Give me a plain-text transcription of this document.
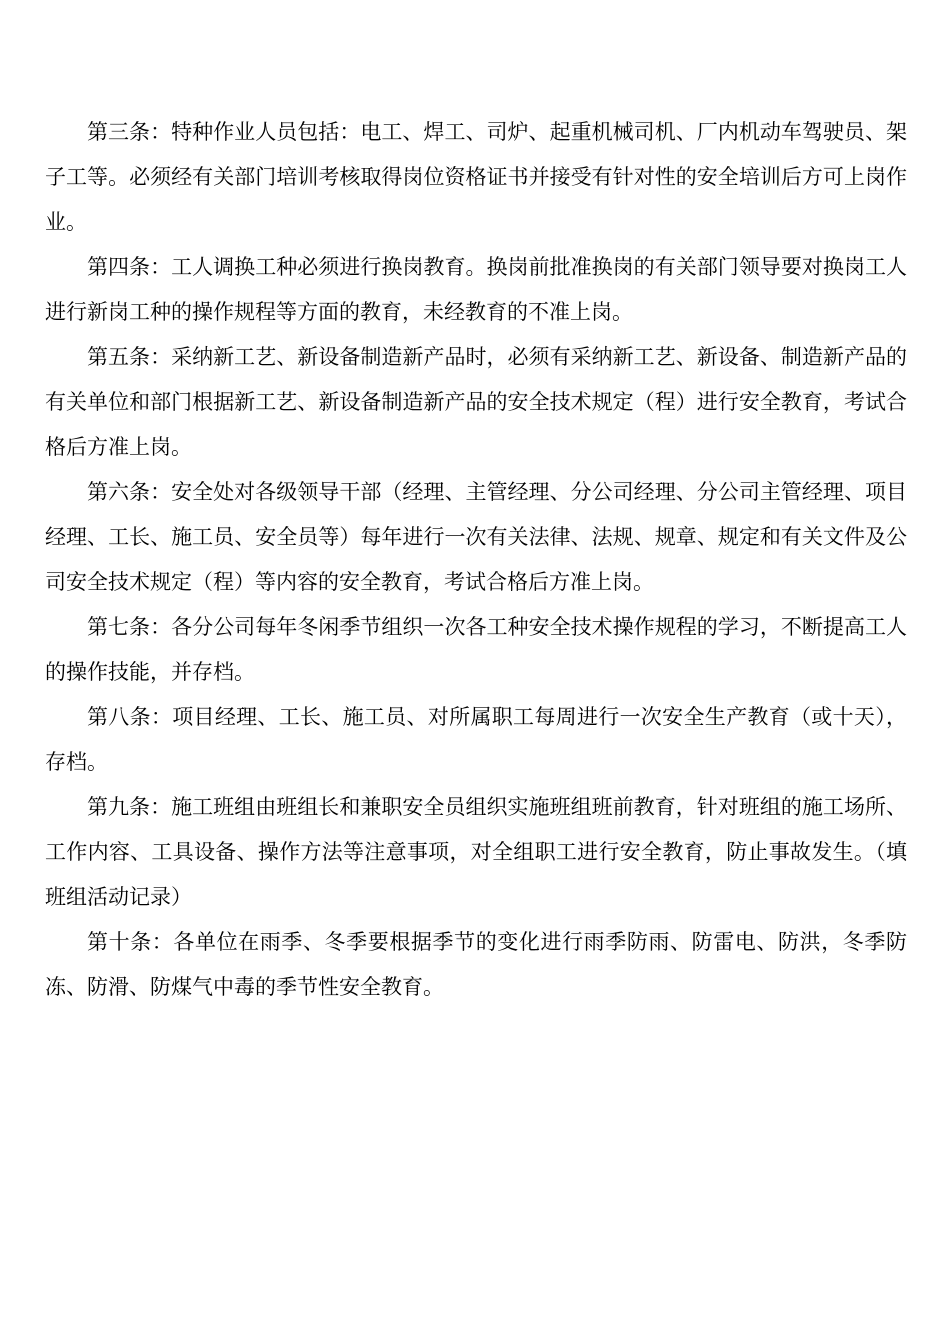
第三条：特种作业人员包括：电工、焊工、司炉、起重机械司机、厂内机动车驾驶员、架子工等。必须经有关部门培训考核取得岗位资格证书并接受有针对性的安全培训后方可上岗作业。

第四条：工人调换工种必须进行换岗教育。换岗前批准换岗的有关部门领导要对换岗工人进行新岗工种的操作规程等方面的教育，未经教育的不准上岗。

第五条：采纳新工艺、新设备制造新产品时，必须有采纳新工艺、新设备、制造新产品的有关单位和部门根据新工艺、新设备制造新产品的安全技术规定（程）进行安全教育，考试合格后方准上岗。

第六条：安全处对各级领导干部（经理、主管经理、分公司经理、分公司主管经理、项目经理、工长、施工员、安全员等）每年进行一次有关法律、法规、规章、规定和有关文件及公司安全技术规定（程）等内容的安全教育，考试合格后方准上岗。

第七条：各分公司每年冬闲季节组织一次各工种安全技术操作规程的学习，不断提高工人的操作技能，并存档。

第八条：项目经理、工长、施工员、对所属职工每周进行一次安全生产教育（或十天），存档。

第九条：施工班组由班组长和兼职安全员组织实施班组班前教育，针对班组的施工场所、工作内容、工具设备、操作方法等注意事项，对全组职工进行安全教育，防止事故发生。（填班组活动记录）

第十条：各单位在雨季、冬季要根据季节的变化进行雨季防雨、防雷电、防洪，冬季防冻、防滑、防煤气中毒的季节性安全教育。
